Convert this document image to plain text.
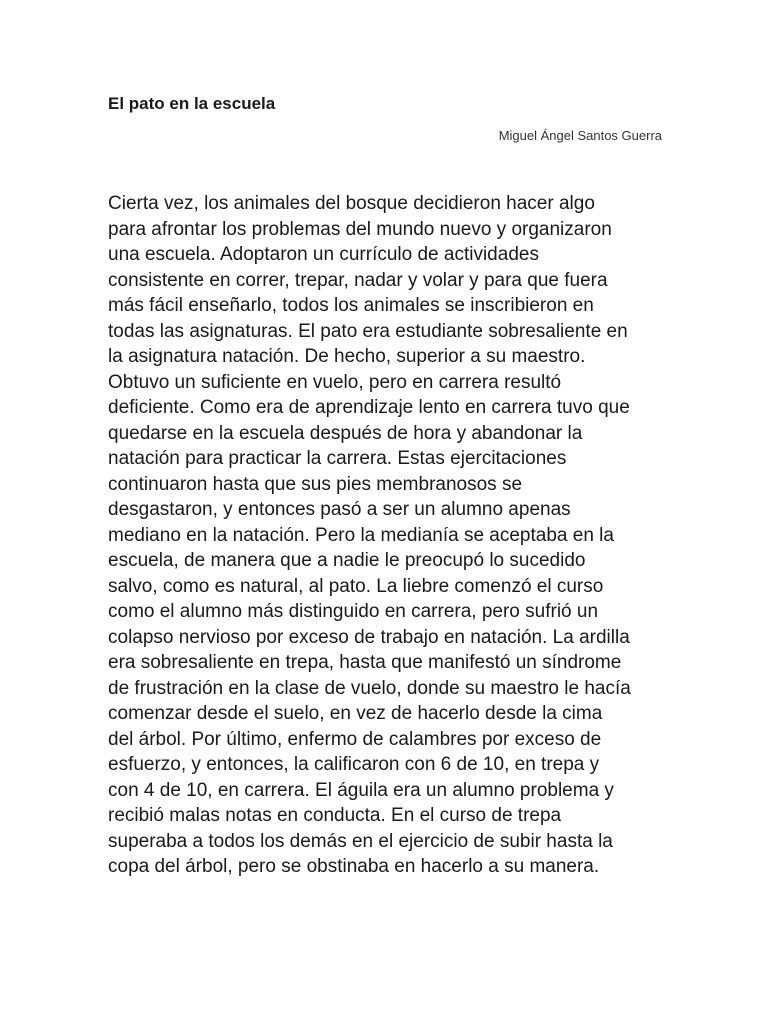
El pato en la escuela

Miguel Ángel Santos Guerra

Cierta vez, los animales del bosque decidieron hacer algo
para afrontar los problemas del mundo nuevo y organizaron
una escuela. Adoptaron un currículo de actividades
consistente en correr, trepar, nadar y volar y para que fuera
más fácil enseñarlo, todos los animales se inscribieron en
todas las asignaturas. El pato era estudiante sobresaliente en
la asignatura natación. De hecho, superior a su maestro.
Obtuvo un suficiente en vuelo, pero en carrera resultó
deficiente. Como era de aprendizaje lento en carrera tuvo que
quedarse en la escuela después de hora y abandonar la
natación para practicar la carrera. Estas ejercitaciones
continuaron hasta que sus pies membranosos se
desgastaron, y entonces pasó a ser un alumno apenas
mediano en la natación. Pero la medianía se aceptaba en la
escuela, de manera que a nadie le preocupó lo sucedido
salvo, como es natural, al pato. La liebre comenzó el curso
como el alumno más distinguido en carrera, pero sufrió un
colapso nervioso por exceso de trabajo en natación. La ardilla
era sobresaliente en trepa, hasta que manifestó un síndrome
de frustración en la clase de vuelo, donde su maestro le hacía
comenzar desde el suelo, en vez de hacerlo desde la cima
del árbol. Por último, enfermo de calambres por exceso de
esfuerzo, y entonces, la calificaron con 6 de 10, en trepa y
con 4 de 10, en carrera. El águila era un alumno problema y
recibió malas notas en conducta. En el curso de trepa
superaba a todos los demás en el ejercicio de subir hasta la
copa del árbol, pero se obstinaba en hacerlo a su manera.
